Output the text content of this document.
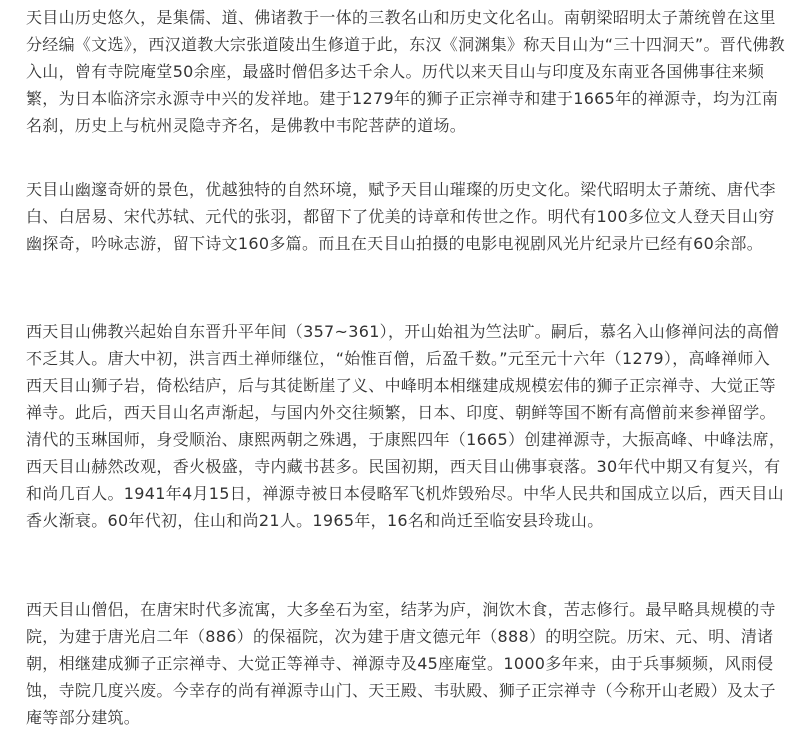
天目山历史悠久，是集儒、道、佛诸教于一体的三教名山和历史文化名山。南朝梁昭明太子萧统曾在这里分经编《文选》，西汉道教大宗张道陵出生修道于此，东汉《洞渊集》称天目山为“三十四洞天”。晋代佛教入山，曾有寺院庵堂50余座，最盛时僧侣多达千余人。历代以来天目山与印度及东南亚各国佛事往来频繁，为日本临济宗永源寺中兴的发祥地。建于1279年的狮子正宗禅寺和建于1665年的禅源寺，均为江南名刹，历史上与杭州灵隐寺齐名，是佛教中韦陀菩萨的道场。

天目山幽邃奇妍的景色，优越独特的自然环境，赋予天目山璀璨的历史文化。梁代昭明太子萧统、唐代李白、白居易、宋代苏轼、元代的张羽，都留下了优美的诗章和传世之作。明代有100多位文人登天目山穷幽探奇，吟咏志游，留下诗文160多篇。而且在天目山拍摄的电影电视剧风光片纪录片已经有60余部。

西天目山佛教兴起始自东晋升平年间（357~361），开山始祖为竺法旷。嗣后，慕名入山修禅问法的高僧不乏其人。唐大中初，洪言西土禅师继位，“始惟百僧，后盈千数。”元至元十六年（1279），高峰禅师入西天目山狮子岩，倚松结庐，后与其徒断崖了义、中峰明本相继建成规模宏伟的狮子正宗禅寺、大觉正等禅寺。此后，西天目山名声渐起，与国内外交往频繁，日本、印度、朝鲜等国不断有高僧前来参禅留学。清代的玉琳国师，身受顺治、康熙两朝之殊遇，于康熙四年（1665）创建禅源寺，大振高峰、中峰法席，西天目山赫然改观，香火极盛，寺内藏书甚多。民国初期，西天目山佛事衰落。30年代中期又有复兴，有和尚几百人。1941年4月15日，禅源寺被日本侵略军飞机炸毁殆尽。中华人民共和国成立以后，西天目山香火渐衰。60年代初，住山和尚21人。1965年，16名和尚迁至临安县玲珑山。

西天目山僧侣，在唐宋时代多流寓，大多垒石为室，结茅为庐，涧饮木食，苦志修行。最早略具规模的寺院，为建于唐光启二年（886）的保福院，次为建于唐文德元年（888）的明空院。历宋、元、明、清诸朝，相继建成狮子正宗禅寺、大觉正等禅寺、禅源寺及45座庵堂。1000多年来，由于兵事频频，风雨侵蚀，寺院几度兴废。今幸存的尚有禅源寺山门、天王殿、韦驮殿、狮子正宗禅寺（今称开山老殿）及太子庵等部分建筑。
